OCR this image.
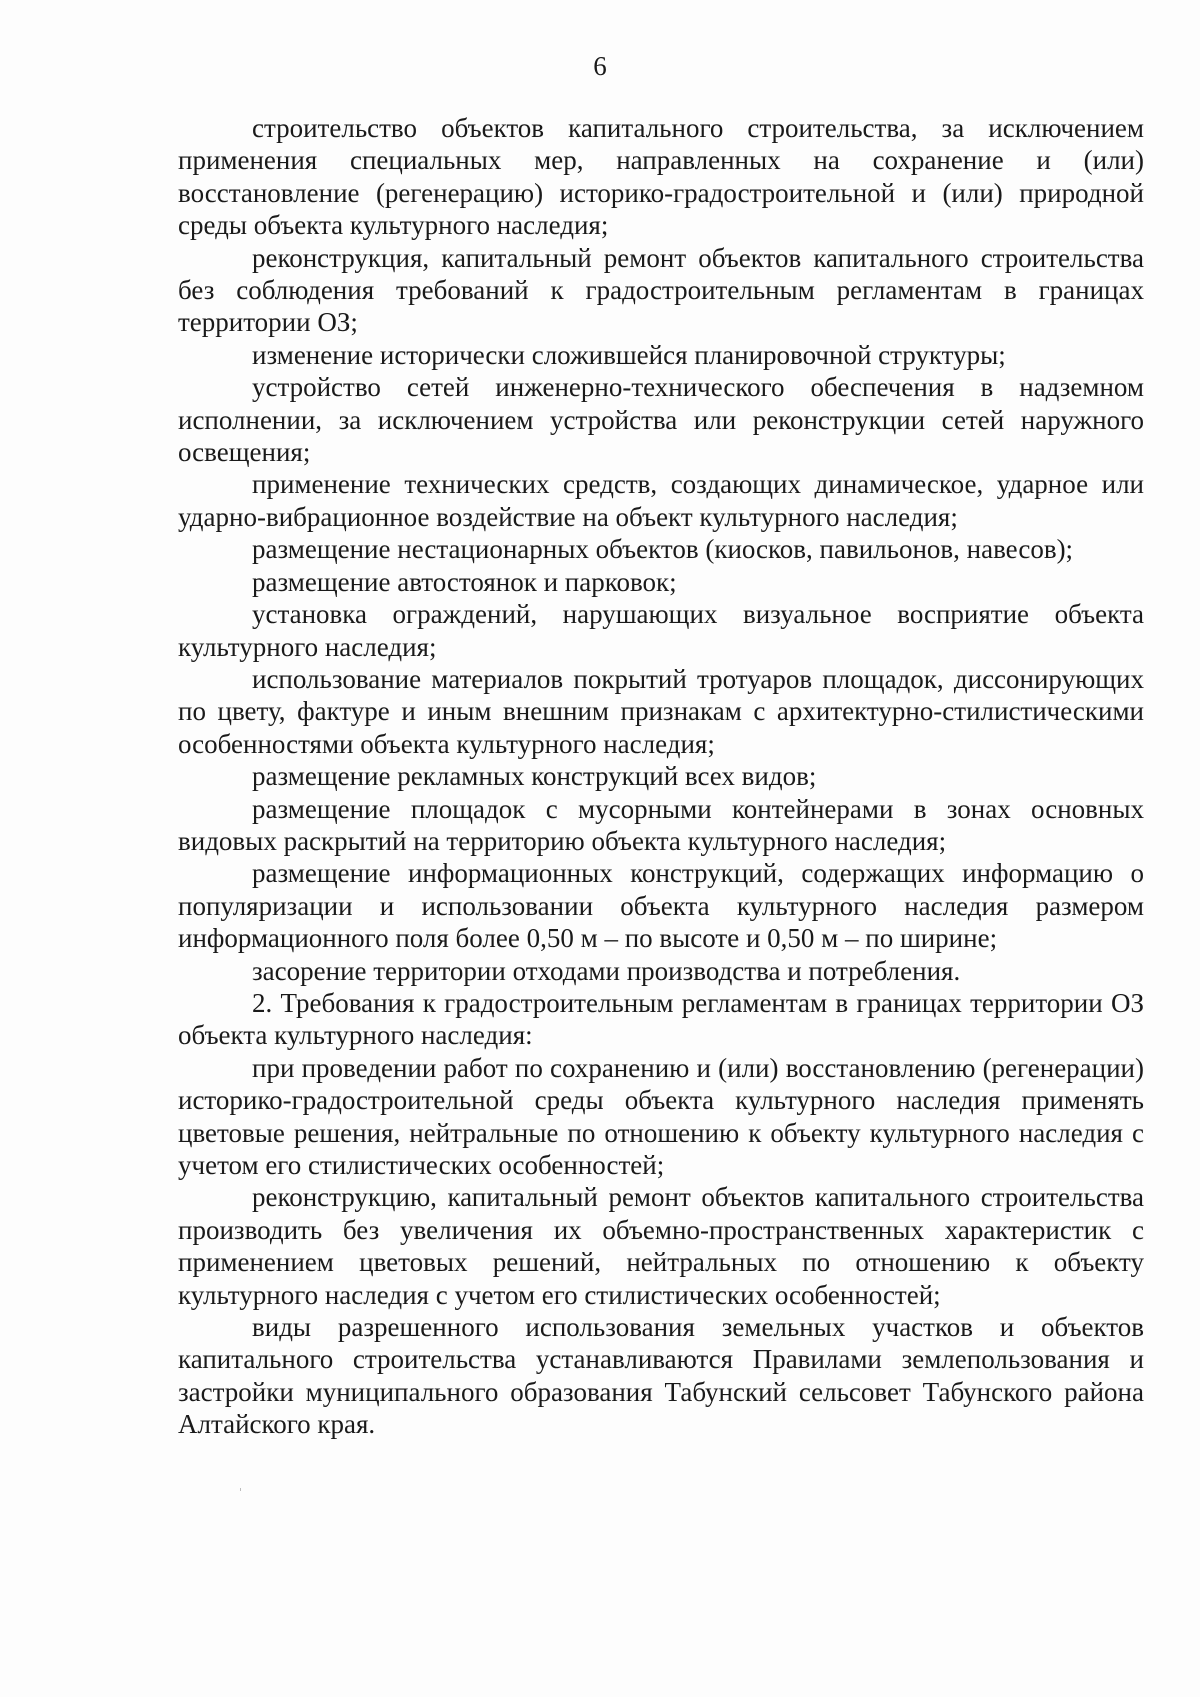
6

строительство объектов капитального строительства, за исключением применения специальных мер, направленных на сохранение и (или) восстановление (регенерацию) историко-градостроительной и (или) природной среды объекта культурного наследия;

реконструкция, капитальный ремонт объектов капитального строительства без соблюдения требований к градостроительным регламентам в границах территории ОЗ;

изменение исторически сложившейся планировочной структуры;

устройство сетей инженерно-технического обеспечения в надземном исполнении, за исключением устройства или реконструкции сетей наружного освещения;

применение технических средств, создающих динамическое, ударное или ударно-вибрационное воздействие на объект культурного наследия;

размещение нестационарных объектов (киосков, павильонов, навесов);

размещение автостоянок и парковок;

установка ограждений, нарушающих визуальное восприятие объекта культурного наследия;

использование материалов покрытий тротуаров площадок, диссонирующих по цвету, фактуре и иным внешним признакам с архитектурно-стилистическими особенностями объекта культурного наследия;

размещение рекламных конструкций всех видов;

размещение площадок с мусорными контейнерами в зонах основных видовых раскрытий на территорию объекта культурного наследия;

размещение информационных конструкций, содержащих информацию о популяризации и использовании объекта культурного наследия размером информационного поля более 0,50 м – по высоте и 0,50 м – по ширине;

засорение территории отходами производства и потребления.

2. Требования к градостроительным регламентам в границах территории ОЗ объекта культурного наследия:

при проведении работ по сохранению и (или) восстановлению (регенерации) историко-градостроительной среды объекта культурного наследия применять цветовые решения, нейтральные по отношению к объекту культурного наследия с учетом его стилистических особенностей;

реконструкцию, капитальный ремонт объектов капитального строительства производить без увеличения их объемно-пространственных характеристик с применением цветовых решений, нейтральных по отношению к объекту культурного наследия с учетом его стилистических особенностей;

виды разрешенного использования земельных участков и объектов капитального строительства устанавливаются Правилами землепользования и застройки муниципального образования Табунский сельсовет Табунского района Алтайского края.
